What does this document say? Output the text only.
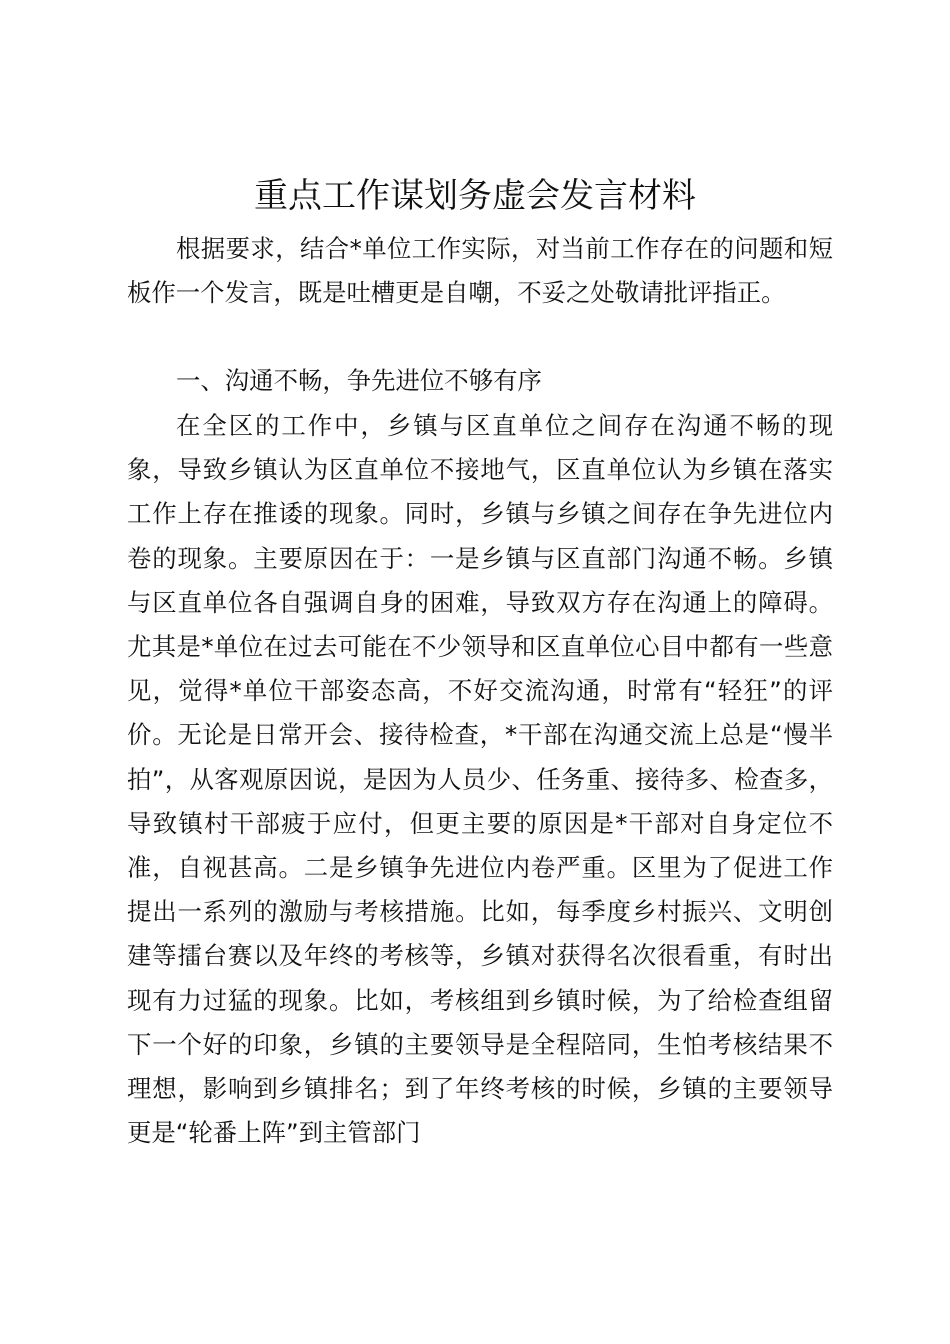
重点工作谋划务虚会发言材料

根据要求，结合*单位工作实际，对当前工作存在的问题和短板作一个发言，既是吐槽更是自嘲，不妥之处敬请批评指正。

一、沟通不畅，争先进位不够有序

在全区的工作中，乡镇与区直单位之间存在沟通不畅的现象，导致乡镇认为区直单位不接地气，区直单位认为乡镇在落实工作上存在推诿的现象。同时，乡镇与乡镇之间存在争先进位内卷的现象。主要原因在于：一是乡镇与区直部门沟通不畅。乡镇与区直单位各自强调自身的困难，导致双方存在沟通上的障碍。尤其是*单位在过去可能在不少领导和区直单位心目中都有一些意见，觉得*单位干部姿态高，不好交流沟通，时常有“轻狂”的评价。无论是日常开会、接待检查，*干部在沟通交流上总是“慢半拍”，从客观原因说，是因为人员少、任务重、接待多、检查多，导致镇村干部疲于应付，但更主要的原因是*干部对自身定位不准，自视甚高。二是乡镇争先进位内卷严重。区里为了促进工作提出一系列的激励与考核措施。比如，每季度乡村振兴、文明创建等擂台赛以及年终的考核等，乡镇对获得名次很看重，有时出现有力过猛的现象。比如，考核组到乡镇时候，为了给检查组留下一个好的印象，乡镇的主要领导是全程陪同，生怕考核结果不理想，影响到乡镇排名；到了年终考核的时候，乡镇的主要领导更是“轮番上阵”到主管部门
